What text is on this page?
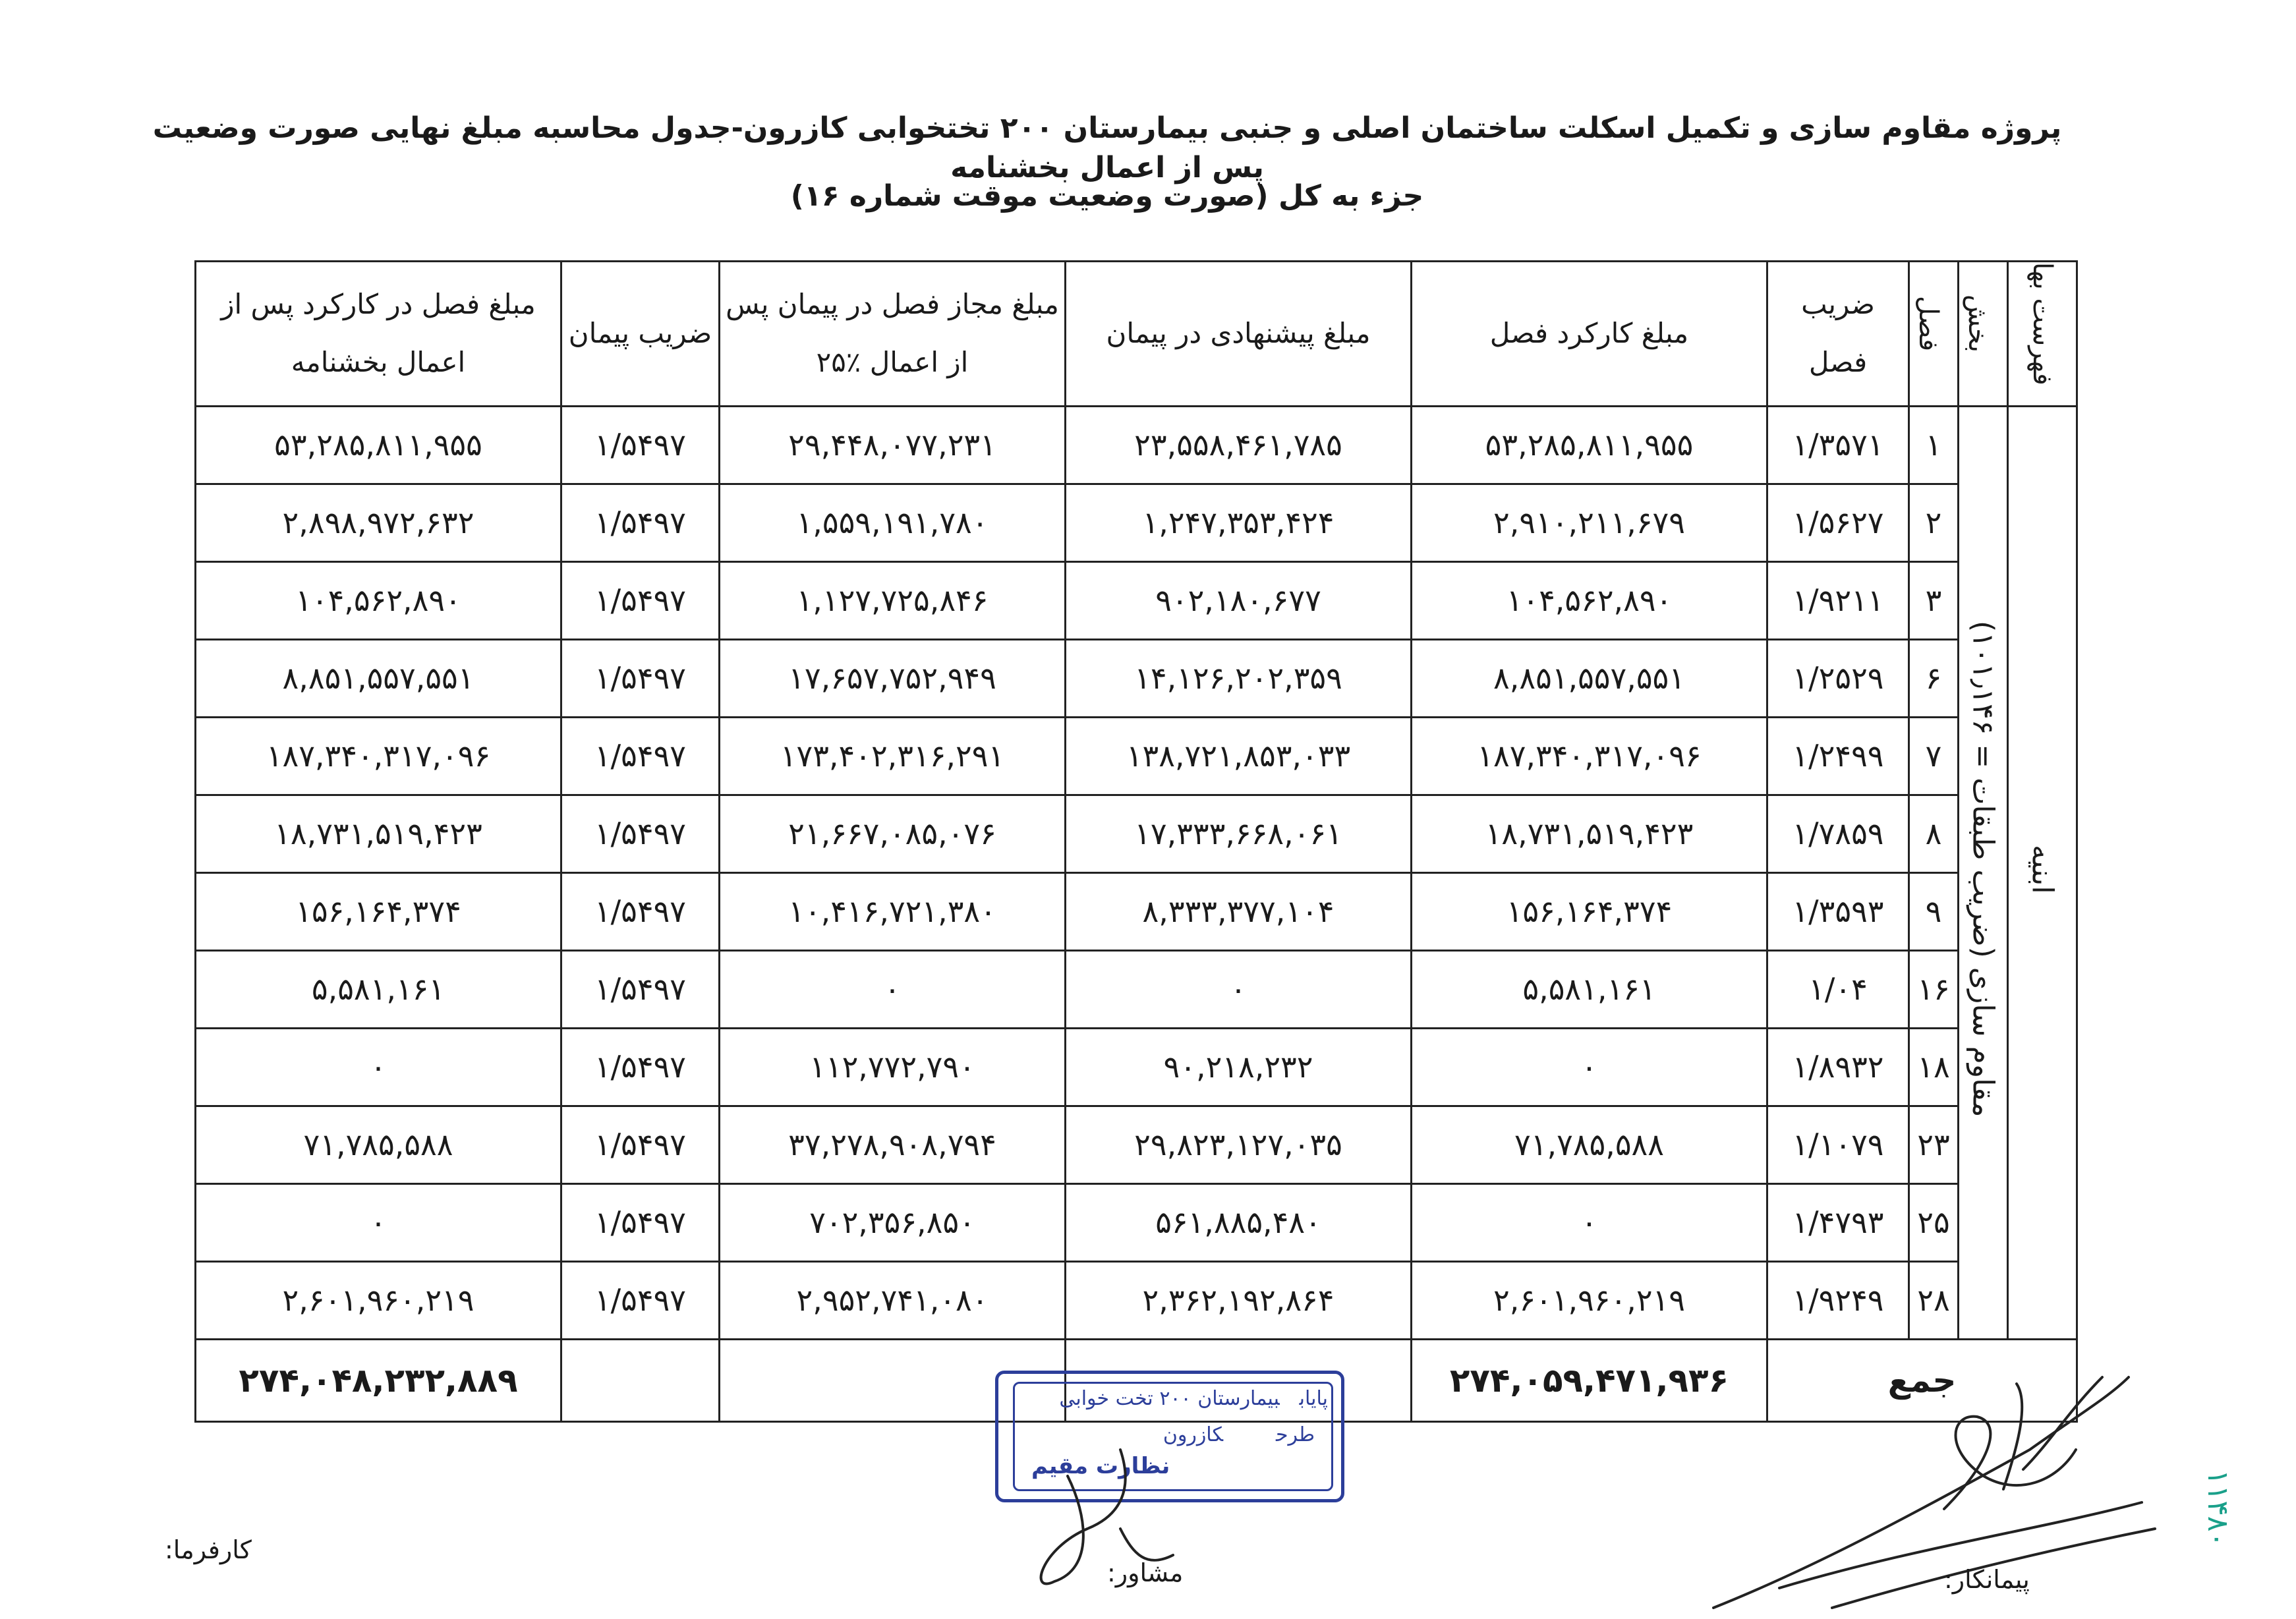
پروژه مقاوم سازی و تکمیل اسکلت ساختمان اصلی و جنبی بیمارستان ۲۰۰ تختخوابی کازرون-جدول محاسبه مبلغ نهایی صورت وضعیت پس از اعمال بخشنامه
جزء به کل (صورت وضعیت موقت شماره ۱۶)
فهرست بها	بخش	فصل	ضریب فصل	مبلغ کارکرد فصل	مبلغ پیشنهادی در پیمان	مبلغ مجاز فصل در پیمان پس از اعمال ٪۲۵	ضریب پیمان	مبلغ فصل در کارکرد پس از اعمال بخشنامه
ابنیه	مقاوم سازی (ضریب طبقات = ۱۰۱٫۱۴۶)	۱	۱/۳۵۷۱	۵۳,۲۸۵,۸۱۱,۹۵۵	۲۳,۵۵۸,۴۶۱,۷۸۵	۲۹,۴۴۸,۰۷۷,۲۳۱	۱/۵۴۹۷	۵۳,۲۸۵,۸۱۱,۹۵۵
		۲	۱/۵۶۲۷	۲,۹۱۰,۲۱۱,۶۷۹	۱,۲۴۷,۳۵۳,۴۲۴	۱,۵۵۹,۱۹۱,۷۸۰	۱/۵۴۹۷	۲,۸۹۸,۹۷۲,۶۳۲
		۳	۱/۹۲۱۱	۱۰۴,۵۶۲,۸۹۰	۹۰۲,۱۸۰,۶۷۷	۱,۱۲۷,۷۲۵,۸۴۶	۱/۵۴۹۷	۱۰۴,۵۶۲,۸۹۰
		۶	۱/۲۵۲۹	۸,۸۵۱,۵۵۷,۵۵۱	۱۴,۱۲۶,۲۰۲,۳۵۹	۱۷,۶۵۷,۷۵۲,۹۴۹	۱/۵۴۹۷	۸,۸۵۱,۵۵۷,۵۵۱
		۷	۱/۲۴۹۹	۱۸۷,۳۴۰,۳۱۷,۰۹۶	۱۳۸,۷۲۱,۸۵۳,۰۳۳	۱۷۳,۴۰۲,۳۱۶,۲۹۱	۱/۵۴۹۷	۱۸۷,۳۴۰,۳۱۷,۰۹۶
		۸	۱/۷۸۵۹	۱۸,۷۳۱,۵۱۹,۴۲۳	۱۷,۳۳۳,۶۶۸,۰۶۱	۲۱,۶۶۷,۰۸۵,۰۷۶	۱/۵۴۹۷	۱۸,۷۳۱,۵۱۹,۴۲۳
		۹	۱/۳۵۹۳	۱۵۶,۱۶۴,۳۷۴	۸,۳۳۳,۳۷۷,۱۰۴	۱۰,۴۱۶,۷۲۱,۳۸۰	۱/۵۴۹۷	۱۵۶,۱۶۴,۳۷۴
		۱۶	۱/۰۴	۵,۵۸۱,۱۶۱	۰	۰	۱/۵۴۹۷	۵,۵۸۱,۱۶۱
		۱۸	۱/۸۹۳۲	۰	۹۰,۲۱۸,۲۳۲	۱۱۲,۷۷۲,۷۹۰	۱/۵۴۹۷	۰
		۲۳	۱/۱۰۷۹	۷۱,۷۸۵,۵۸۸	۲۹,۸۲۳,۱۲۷,۰۳۵	۳۷,۲۷۸,۹۰۸,۷۹۴	۱/۵۴۹۷	۷۱,۷۸۵,۵۸۸
		۲۵	۱/۴۷۹۳	۰	۵۶۱,۸۸۵,۴۸۰	۷۰۲,۳۵۶,۸۵۰	۱/۵۴۹۷	۰
		۲۸	۱/۹۲۴۹	۲,۶۰۱,۹۶۰,۲۱۹	۲,۳۶۲,۱۹۲,۸۶۴	۲,۹۵۲,۷۴۱,۰۸۰	۱/۵۴۹۷	۲,۶۰۱,۹۶۰,۲۱۹
جمع				۲۷۴,۰۵۹,۴۷۱,۹۳۶				۲۷۴,۰۴۸,۲۳۲,۸۸۹	پایاببیمارستان ۲۰۰ تخت خوابی
طرحکازرون
نظارت مقیم
کارفرما:
مشاور:	پیمانکار:
۱۱۴۸۰
